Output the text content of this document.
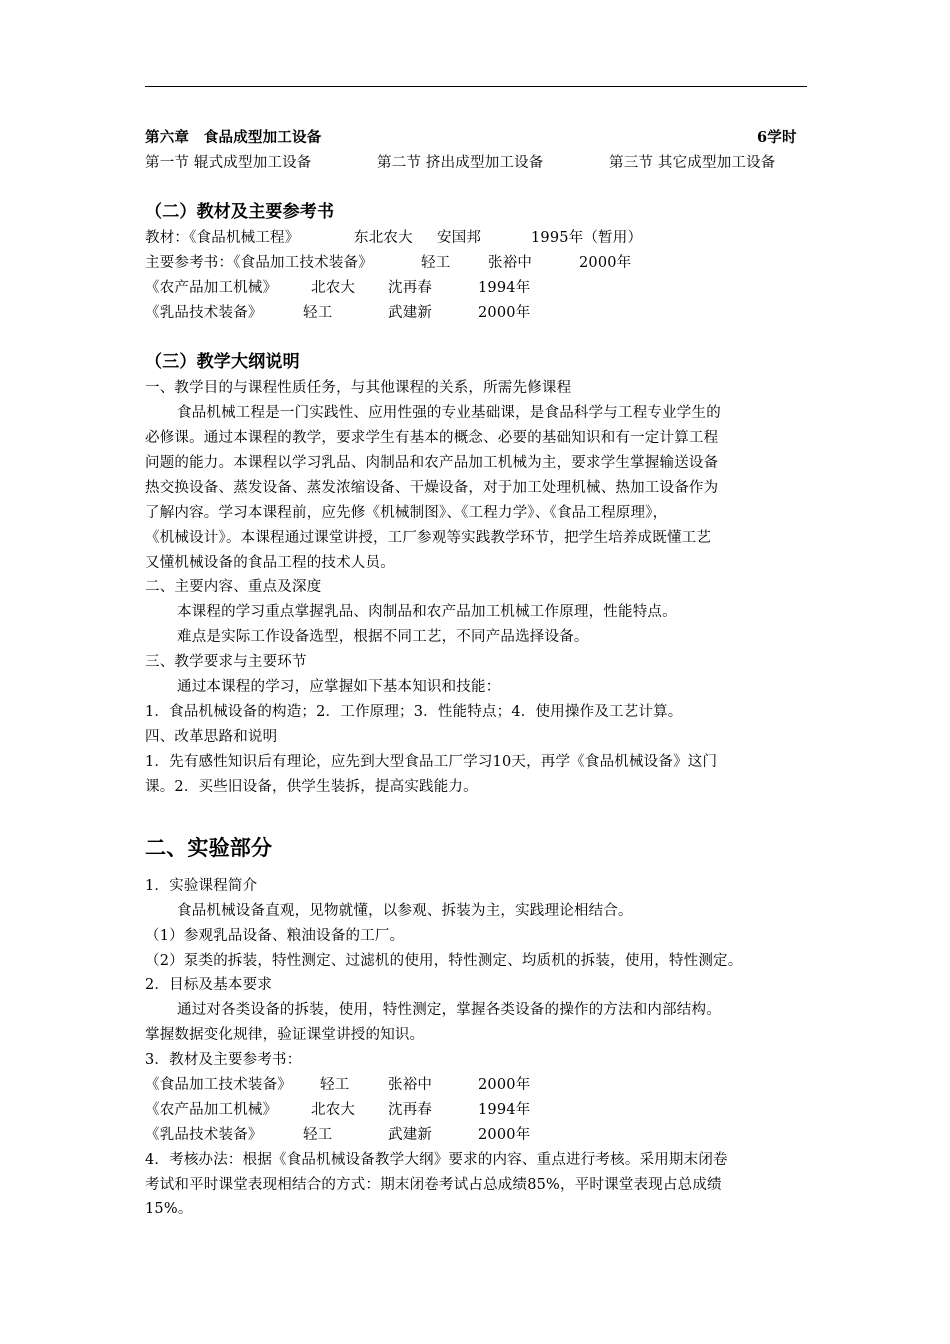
第六章　食品成型加工设备	6学时
第一节 辊式成型加工设备	第二节 挤出成型加工设备	第三节 其它成型加工设备
（二）教材及主要参考书
教材：《食品机械工程》	东北农大 安国邦	1995年（暂用）
主要参考书：《食品加工技术装备》	轻工	张裕中	2000年
《农产品加工机械》 北农大 沈再春	1994年
《乳品技术装备》	轻工	武建新	2000年
（三）教学大纲说明
一、教学目的与课程性质任务，与其他课程的关系，所需先修课程
食品机械工程是一门实践性、应用性强的专业基础课，是食品科学与工程专业学生的
必修课。通过本课程的教学，要求学生有基本的概念、必要的基础知识和有一定计算工程
问题的能力。本课程以学习乳品、肉制品和农产品加工机械为主，要求学生掌握输送设备
热交换设备、蒸发设备、蒸发浓缩设备、干燥设备，对于加工处理机械、热加工设备作为
了解内容。学习本课程前，应先修《机械制图》、《工程力学》、《食品工程原理》，
《机械设计》。本课程通过课堂讲授，工厂参观等实践教学环节，把学生培养成既懂工艺
又懂机械设备的食品工程的技术人员。
二、主要内容、重点及深度
本课程的学习重点掌握乳品、肉制品和农产品加工机械工作原理，性能特点。
难点是实际工作设备选型，根据不同工艺，不同产品选择设备。
三、教学要求与主要环节
通过本课程的学习，应掌握如下基本知识和技能：
1．食品机械设备的构造；2．工作原理；3．性能特点；4．使用操作及工艺计算。
四、改革思路和说明
1．先有感性知识后有理论，应先到大型食品工厂学习10天，再学《食品机械设备》这门
课。2．买些旧设备，供学生装拆，提高实践能力。
二、实验部分
1．实验课程简介
食品机械设备直观，见物就懂，以参观、拆装为主，实践理论相结合。
（1）参观乳品设备、粮油设备的工厂。
（2）泵类的拆装，特性测定、过滤机的使用，特性测定、均质机的拆装，使用，特性测定。
2．目标及基本要求
通过对各类设备的拆装，使用，特性测定，掌握各类设备的操作的方法和内部结构。
掌握数据变化规律，验证课堂讲授的知识。
3．教材及主要参考书：
《食品加工技术装备》 轻工	张裕中	2000年
《农产品加工机械》 北农大 沈再春	1994年
《乳品技术装备》	轻工	武建新	2000年
4．考核办法：根据《食品机械设备教学大纲》要求的内容、重点进行考核。采用期末闭卷
考试和平时课堂表现相结合的方式：期末闭卷考试占总成绩85%，平时课堂表现占总成绩
15%。
